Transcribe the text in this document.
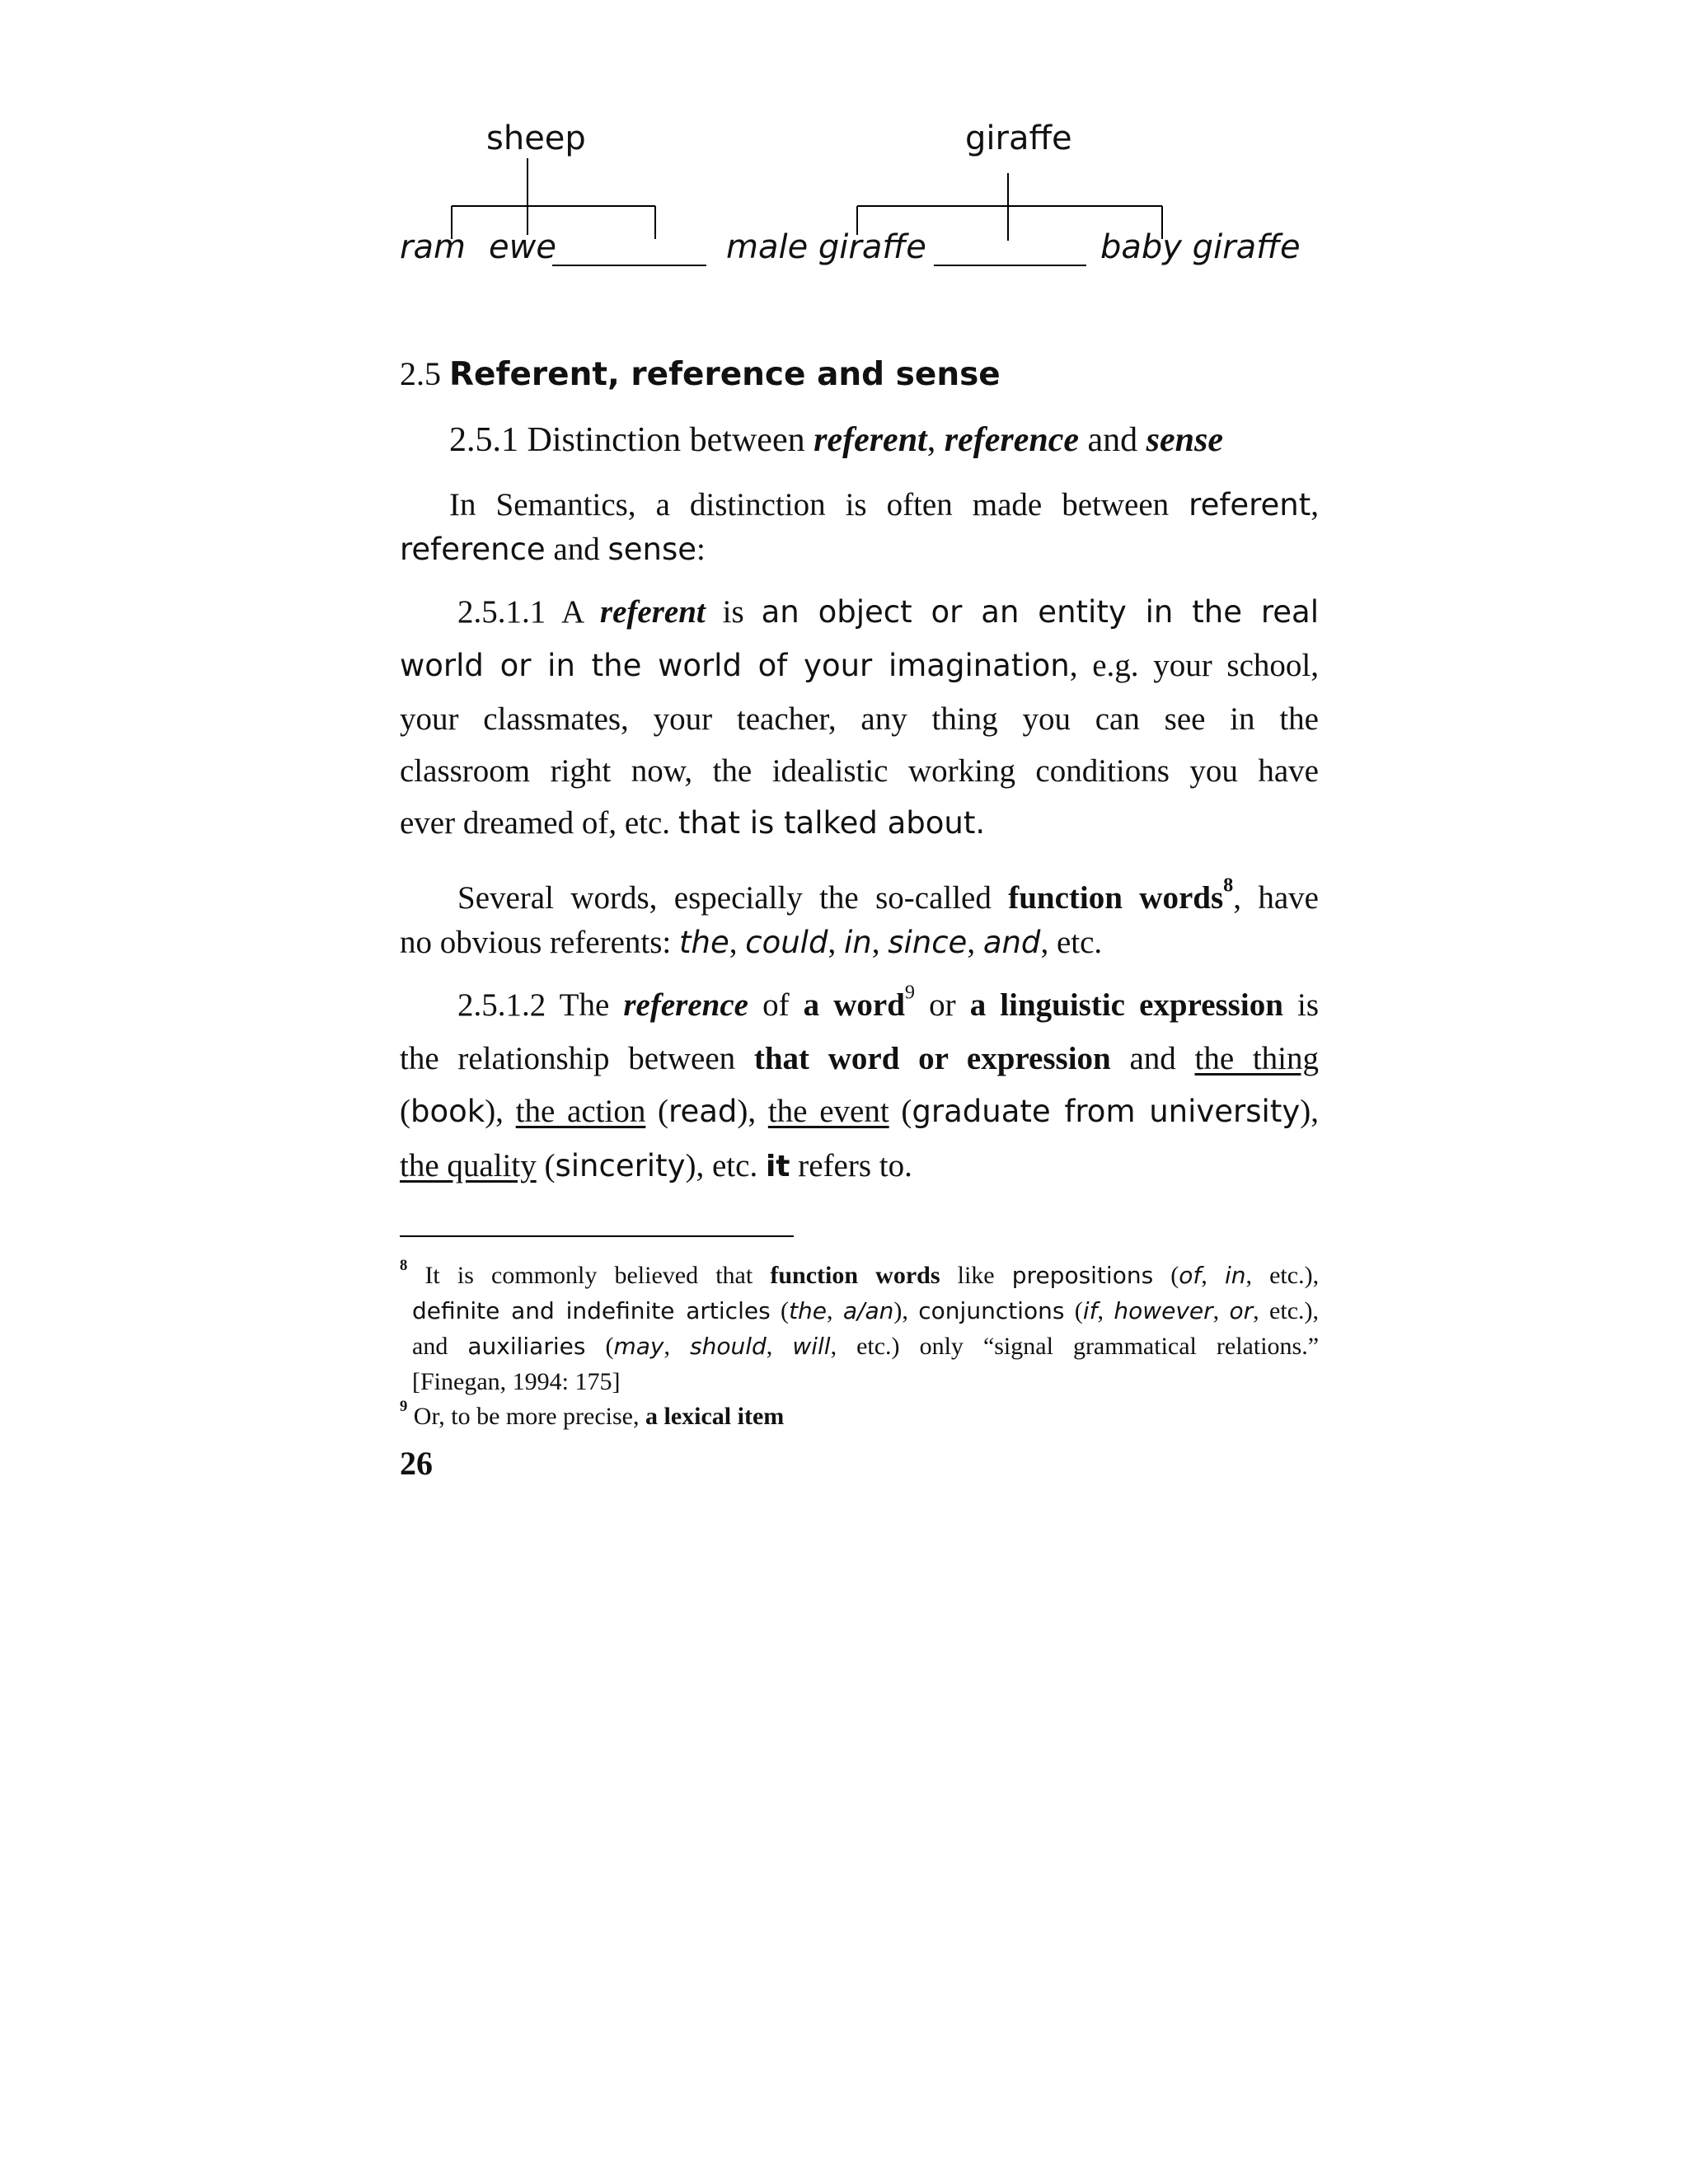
sheep	giraffe
ram ewe	male giraffe	baby giraffe
2.5 Referent, reference and sense
2.5.1 Distinction between referent, reference and sense
In Semantics, a distinction is often made between referent,
reference and sense:
2.5.1.1 A referent is an object or an entity in the real
world or in the world of your imagination, e.g. your school,
your classmates, your teacher, any thing you can see in the
classroom right now, the idealistic working conditions you have
ever dreamed of, etc. that is talked about.
Several words, especially the so-called function words$^8$, have
no obvious referents: the, could, in, since, and, etc.
2.5.1.2 The reference of a word$^9$ or a linguistic expression is
the relationship between that word or expression and the thing
(book), the action (read), the event (graduate from university),
the quality (sincerity), etc. it refers to.
$^8$ It is commonly believed that function words like prepositions (of, in, etc.),
definite and indefinite articles (the, a/an), conjunctions (if, however, or, etc.),
and auxiliaries (may, should, will, etc.) only “signal grammatical relations.”
[Finegan, 1994: 175]
$^9$ Or, to be more precise, a lexical item
26
